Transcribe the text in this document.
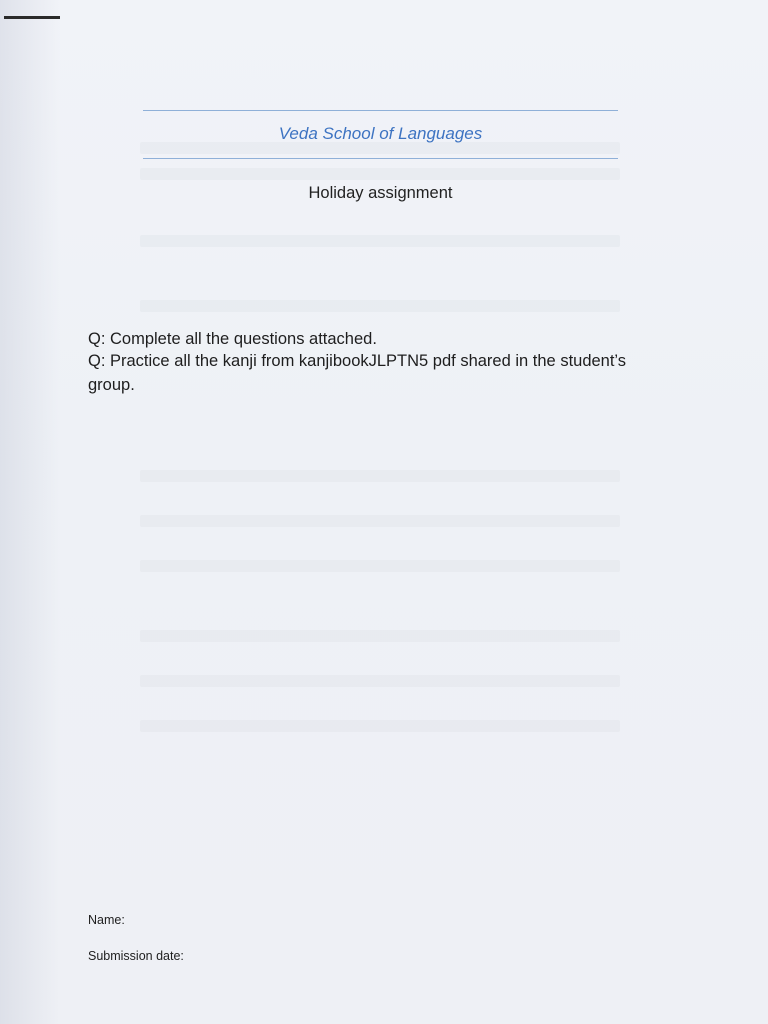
Veda School of Languages
Holiday assignment
Q: Complete all the questions attached.
Q: Practice all the kanji from kanjibookJLPTN5 pdf shared in the student’s group.
Name:
Submission date:
